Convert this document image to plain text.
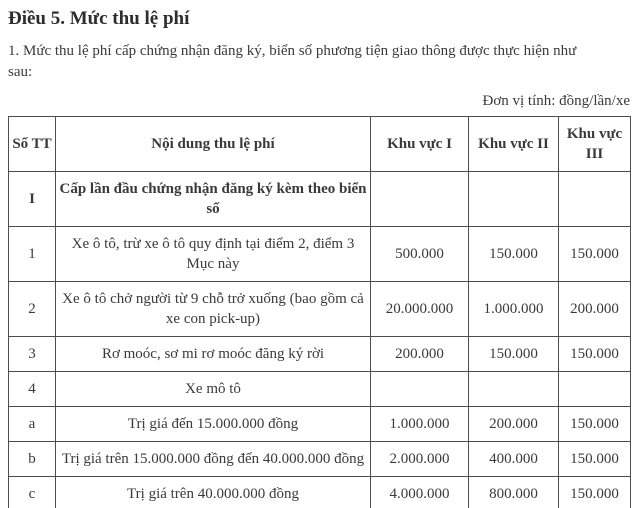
Điều 5. Mức thu lệ phí

1. Mức thu lệ phí cấp chứng nhận đăng ký, biển số phương tiện giao thông được thực hiện như sau:

Đơn vị tính: đồng/lần/xe
Số TT	Nội dung thu lệ phí	Khu vực I	Khu vực II	Khu vực III
I	Cấp lần đầu chứng nhận đăng ký kèm theo biển số			
1	Xe ô tô, trừ xe ô tô quy định tại điểm 2, điểm 3 Mục này	500.000	150.000	150.000
2	Xe ô tô chở người từ 9 chỗ trở xuống (bao gồm cả xe con pick-up)	20.000.000	1.000.000	200.000
3	Rơ moóc, sơ mi rơ moóc đăng ký rời	200.000	150.000	150.000
4	Xe mô tô			
a	Trị giá đến 15.000.000 đồng	1.000.000	200.000	150.000
b	Trị giá trên 15.000.000 đồng đến 40.000.000 đồng	2.000.000	400.000	150.000
c	Trị giá trên 40.000.000 đồng	4.000.000	800.000	150.000
